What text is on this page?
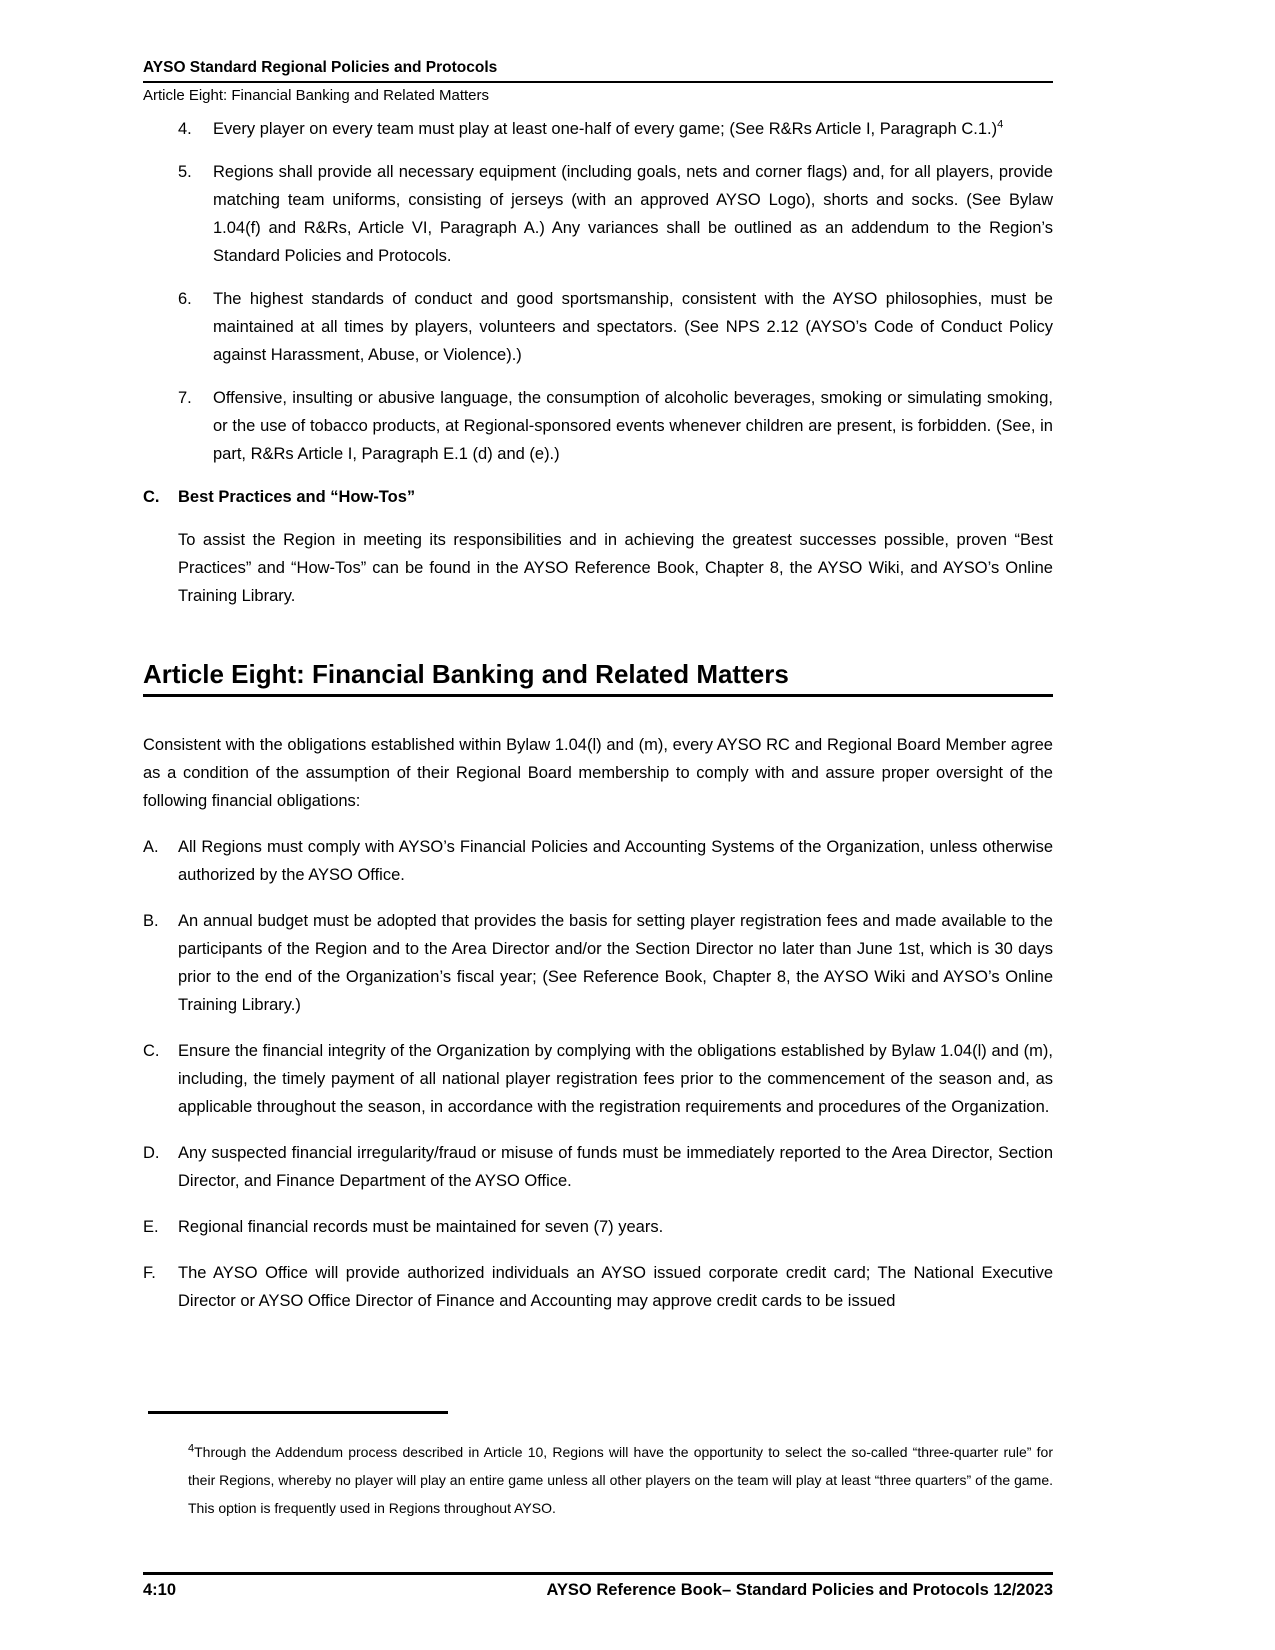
AYSO Standard Regional Policies and Protocols
Article Eight: Financial Banking and Related Matters
4.	Every player on every team must play at least one-half of every game; (See R&Rs Article I, Paragraph C.1.)$^4$
5.	Regions shall provide all necessary equipment (including goals, nets and corner flags) and, for all players, provide matching team uniforms, consisting of jerseys (with an approved AYSO Logo), shorts and socks. (See Bylaw 1.04(f) and R&Rs, Article VI, Paragraph A.) Any variances shall be outlined as an addendum to the Region’s Standard Policies and Protocols.
6.	The highest standards of conduct and good sportsmanship, consistent with the AYSO philosophies, must be maintained at all times by players, volunteers and spectators. (See NPS 2.12 (AYSO’s Code of Conduct Policy against Harassment, Abuse, or Violence).)
7.	Offensive, insulting or abusive language, the consumption of alcoholic beverages, smoking or simulating smoking, or the use of tobacco products, at Regional-sponsored events whenever children are present, is forbidden. (See, in part, R&Rs Article I, Paragraph E.1 (d) and (e).)
C.	Best Practices and “How-Tos”
To assist the Region in meeting its responsibilities and in achieving the greatest successes possible, proven “Best Practices” and “How-Tos” can be found in the AYSO Reference Book, Chapter 8, the AYSO Wiki, and AYSO’s Online Training Library.
Article Eight: Financial Banking and Related Matters
Consistent with the obligations established within Bylaw 1.04(l) and (m), every AYSO RC and Regional Board Member agree as a condition of the assumption of their Regional Board membership to comply with and assure proper oversight of the following financial obligations:
A.	All Regions must comply with AYSO’s Financial Policies and Accounting Systems of the Organization, unless otherwise authorized by the AYSO Office.
B.	An annual budget must be adopted that provides the basis for setting player registration fees and made available to the participants of the Region and to the Area Director and/or the Section Director no later than June 1st, which is 30 days prior to the end of the Organization’s fiscal year; (See Reference Book, Chapter 8, the AYSO Wiki and AYSO’s Online Training Library.)
C.	Ensure the financial integrity of the Organization by complying with the obligations established by Bylaw 1.04(l) and (m), including, the timely payment of all national player registration fees prior to the commencement of the season and, as applicable throughout the season, in accordance with the registration requirements and procedures of the Organization.
D.	Any suspected financial irregularity/fraud or misuse of funds must be immediately reported to the Area Director, Section Director, and Finance Department of the AYSO Office.
E.	Regional financial records must be maintained for seven (7) years.
F.	The AYSO Office will provide authorized individuals an AYSO issued corporate credit card; The National Executive Director or AYSO Office Director of Finance and Accounting may approve credit cards to be issued
$^4$Through the Addendum process described in Article 10, Regions will have the opportunity to select the so-called “three-quarter rule” for their Regions, whereby no player will play an entire game unless all other players on the team will play at least “three quarters” of the game. This option is frequently used in Regions throughout AYSO.
4:10	AYSO Reference Book– Standard Policies and Protocols 12/2023
